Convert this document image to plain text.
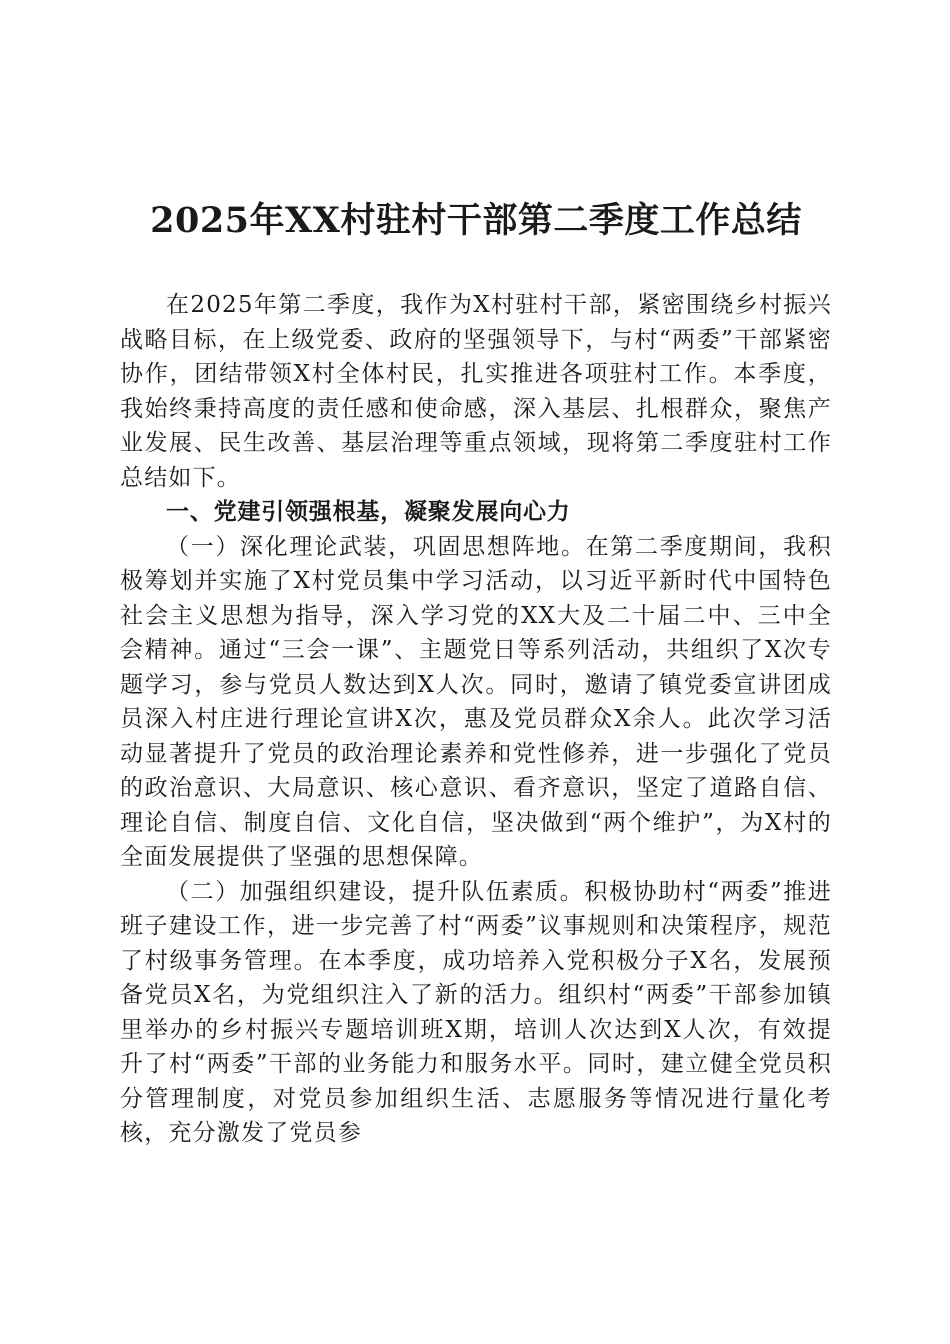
2025年XX村驻村干部第二季度工作总结

在2025年第二季度，我作为X村驻村干部，紧密围绕乡村振兴战略目标，在上级党委、政府的坚强领导下，与村“两委”干部紧密协作，团结带领X村全体村民，扎实推进各项驻村工作。本季度，我始终秉持高度的责任感和使命感，深入基层、扎根群众，聚焦产业发展、民生改善、基层治理等重点领域，现将第二季度驻村工作总结如下。

一、党建引领强根基，凝聚发展向心力

（一）深化理论武装，巩固思想阵地。在第二季度期间，我积极筹划并实施了X村党员集中学习活动，以习近平新时代中国特色社会主义思想为指导，深入学习党的XX大及二十届二中、三中全会精神。通过“三会一课”、主题党日等系列活动，共组织了X次专题学习，参与党员人数达到X人次。同时，邀请了镇党委宣讲团成员深入村庄进行理论宣讲X次，惠及党员群众X余人。此次学习活动显著提升了党员的政治理论素养和党性修养，进一步强化了党员的政治意识、大局意识、核心意识、看齐意识，坚定了道路自信、理论自信、制度自信、文化自信，坚决做到“两个维护”，为X村的全面发展提供了坚强的思想保障。

（二）加强组织建设，提升队伍素质。积极协助村“两委”推进班子建设工作，进一步完善了村“两委”议事规则和决策程序，规范了村级事务管理。在本季度，成功培养入党积极分子X名，发展预备党员X名，为党组织注入了新的活力。组织村“两委”干部参加镇里举办的乡村振兴专题培训班X期，培训人次达到X人次，有效提升了村“两委”干部的业务能力和服务水平。同时，建立健全党员积分管理制度，对党员参加组织生活、志愿服务等情况进行量化考核，充分激发了党员参
